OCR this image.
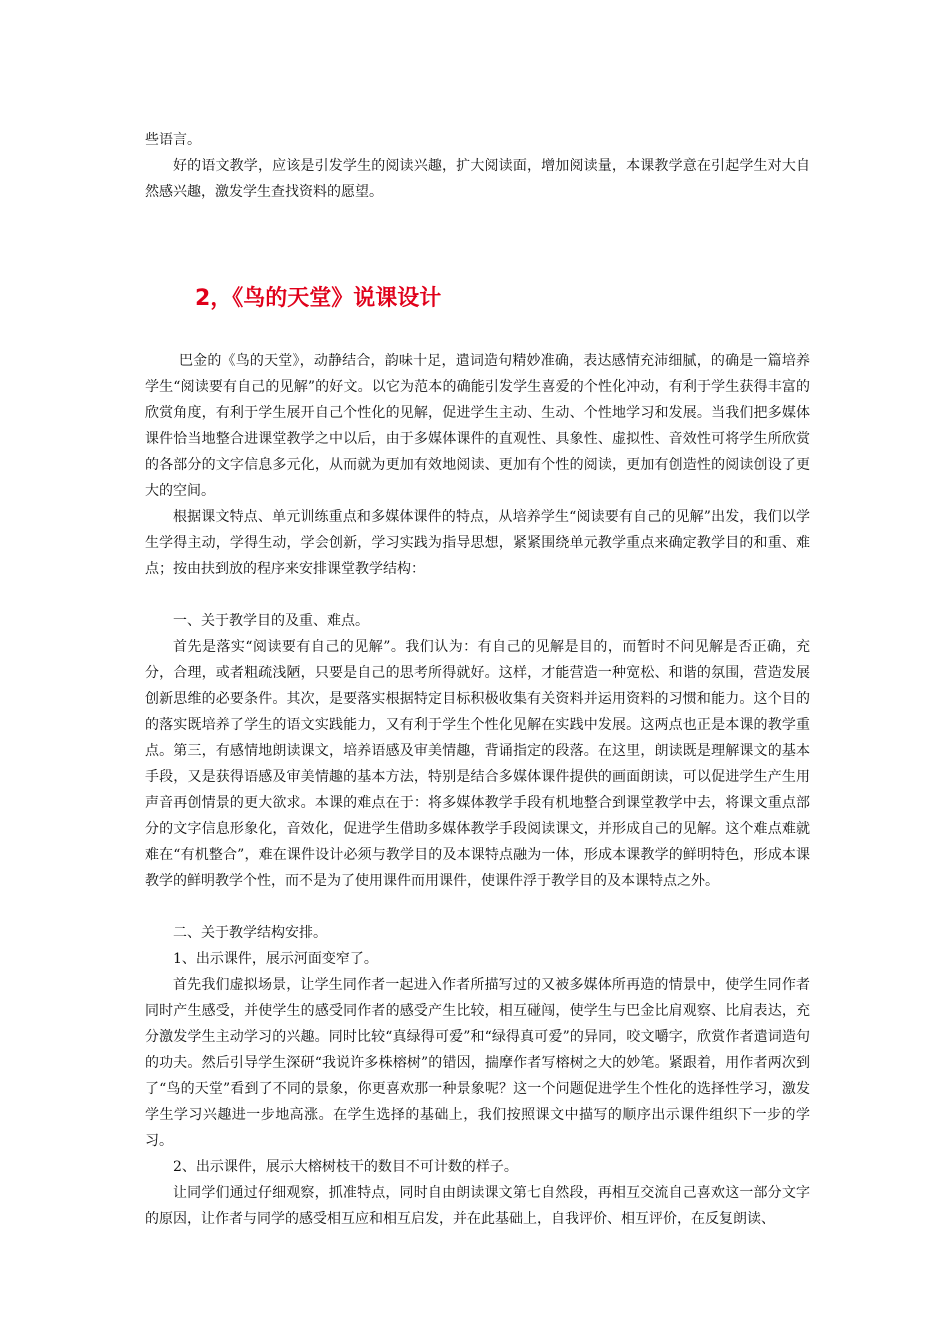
些语言。

好的语文教学，应该是引发学生的阅读兴趣，扩大阅读面，增加阅读量，本课教学意在引起学生对大自然感兴趣，激发学生查找资料的愿望。

2，《鸟的天堂》说课设计

巴金的《鸟的天堂》，动静结合，韵味十足，遣词造句精妙准确，表达感情充沛细腻，的确是一篇培养学生“阅读要有自己的见解”的好文。以它为范本的确能引发学生喜爱的个性化冲动，有利于学生获得丰富的欣赏角度，有利于学生展开自己个性化的见解，促进学生主动、生动、个性地学习和发展。当我们把多媒体课件恰当地整合进课堂教学之中以后，由于多媒体课件的直观性、具象性、虚拟性、音效性可将学生所欣赏的各部分的文字信息多元化，从而就为更加有效地阅读、更加有个性的阅读，更加有创造性的阅读创设了更大的空间。

根据课文特点、单元训练重点和多媒体课件的特点，从培养学生“阅读要有自己的见解”出发，我们以学生学得主动，学得生动，学会创新，学习实践为指导思想，紧紧围绕单元教学重点来确定教学目的和重、难点；按由扶到放的程序来安排课堂教学结构：

一、关于教学目的及重、难点。

首先是落实“阅读要有自己的见解”。我们认为：有自己的见解是目的，而暂时不问见解是否正确，充分，合理，或者粗疏浅陋，只要是自己的思考所得就好。这样，才能营造一种宽松、和谐的氛围，营造发展创新思维的必要条件。其次，是要落实根据特定目标积极收集有关资料并运用资料的习惯和能力。这个目的的落实既培养了学生的语文实践能力，又有利于学生个性化见解在实践中发展。这两点也正是本课的教学重点。第三，有感情地朗读课文，培养语感及审美情趣，背诵指定的段落。在这里，朗读既是理解课文的基本手段，又是获得语感及审美情趣的基本方法，特别是结合多媒体课件提供的画面朗读，可以促进学生产生用声音再创情景的更大欲求。本课的难点在于：将多媒体教学手段有机地整合到课堂教学中去，将课文重点部分的文字信息形象化，音效化，促进学生借助多媒体教学手段阅读课文，并形成自己的见解。这个难点难就难在“有机整合”，难在课件设计必须与教学目的及本课特点融为一体，形成本课教学的鲜明特色，形成本课教学的鲜明教学个性，而不是为了使用课件而用课件，使课件浮于教学目的及本课特点之外。

二、关于教学结构安排。

1、出示课件，展示河面变窄了。

首先我们虚拟场景，让学生同作者一起进入作者所描写过的又被多媒体所再造的情景中，使学生同作者同时产生感受，并使学生的感受同作者的感受产生比较，相互碰闯，使学生与巴金比肩观察、比肩表达，充分激发学生主动学习的兴趣。同时比较“真绿得可爱”和“绿得真可爱”的异同，咬文嚼字，欣赏作者遣词造句的功夫。然后引导学生深研“我说许多株榕树”的错因，揣摩作者写榕树之大的妙笔。紧跟着，用作者两次到了“鸟的天堂”看到了不同的景象，你更喜欢那一种景象呢？这一个问题促进学生个性化的选择性学习，激发学生学习兴趣进一步地高涨。在学生选择的基础上，我们按照课文中描写的顺序出示课件组织下一步的学习。

2、出示课件，展示大榕树枝干的数目不可计数的样子。

让同学们通过仔细观察，抓准特点，同时自由朗读课文第七自然段，再相互交流自己喜欢这一部分文字的原因，让作者与同学的感受相互应和相互启发，并在此基础上，自我评价、相互评价，在反复朗读、
